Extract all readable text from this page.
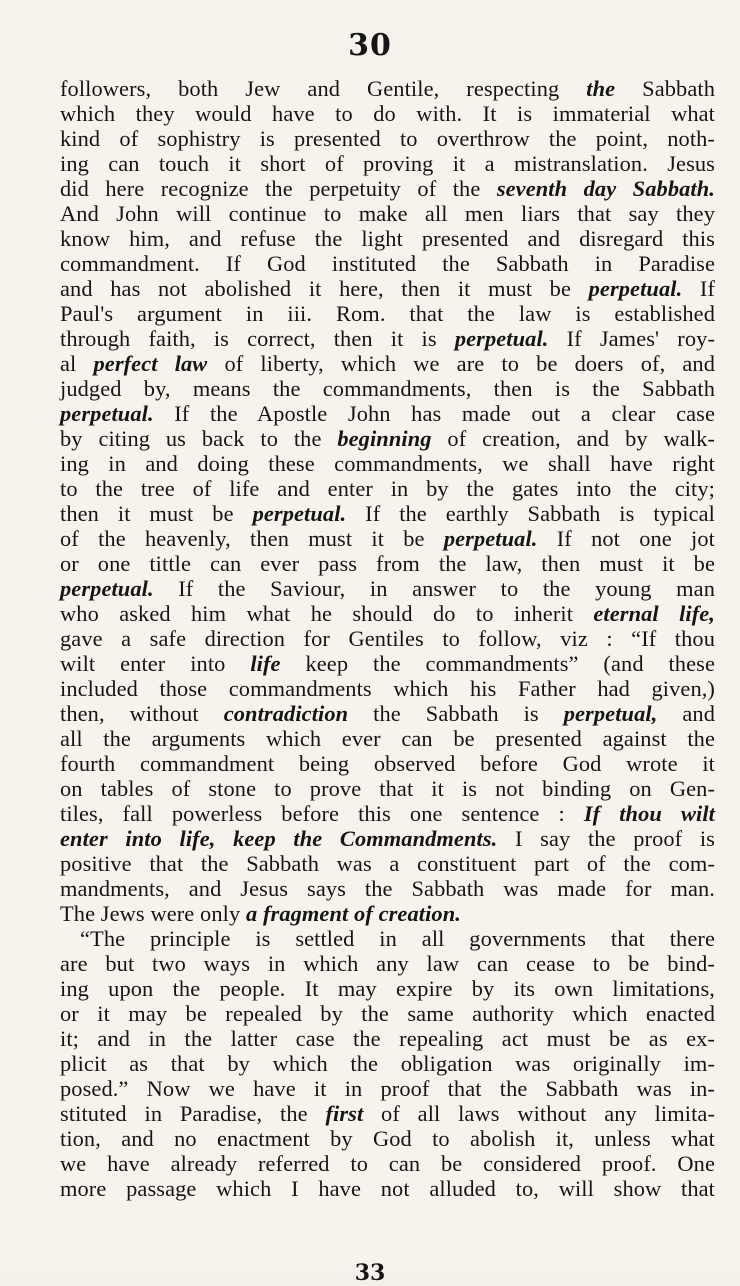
30
followers, both Jew and Gentile, respecting the Sabbath
which they would have to do with. It is immaterial what
kind of sophistry is presented to overthrow the point, noth-
ing can touch it short of proving it a mistranslation. Jesus
did here recognize the perpetuity of the seventh day Sabbath.
And John will continue to make all men liars that say they
know him, and refuse the light presented and disregard this
commandment. If God instituted the Sabbath in Paradise
and has not abolished it here, then it must be perpetual. If
Paul's argument in iii. Rom. that the law is established
through faith, is correct, then it is perpetual. If James' roy-
al perfect law of liberty, which we are to be doers of, and
judged by, means the commandments, then is the Sabbath
perpetual. If the Apostle John has made out a clear case
by citing us back to the beginning of creation, and by walk-
ing in and doing these commandments, we shall have right
to the tree of life and enter in by the gates into the city;
then it must be perpetual. If the earthly Sabbath is typical
of the heavenly, then must it be perpetual. If not one jot
or one tittle can ever pass from the law, then must it be
perpetual. If the Saviour, in answer to the young man
who asked him what he should do to inherit eternal life,
gave a safe direction for Gentiles to follow, viz : “If thou
wilt enter into life keep the commandments” (and these
included those commandments which his Father had given,)
then, without contradiction the Sabbath is perpetual, and
all the arguments which ever can be presented against the
fourth commandment being observed before God wrote it
on tables of stone to prove that it is not binding on Gen-
tiles, fall powerless before this one sentence : If thou wilt
enter into life, keep the Commandments. I say the proof is
positive that the Sabbath was a constituent part of the com-
mandments, and Jesus says the Sabbath was made for man.
The Jews were only a fragment of creation.
“The principle is settled in all governments that there
are but two ways in which any law can cease to be bind-
ing upon the people. It may expire by its own limitations,
or it may be repealed by the same authority which enacted
it; and in the latter case the repealing act must be as ex-
plicit as that by which the obligation was originally im-
posed.” Now we have it in proof that the Sabbath was in-
stituted in Paradise, the first of all laws without any limita-
tion, and no enactment by God to abolish it, unless what
we have already referred to can be considered proof. One
more passage which I have not alluded to, will show that
33
